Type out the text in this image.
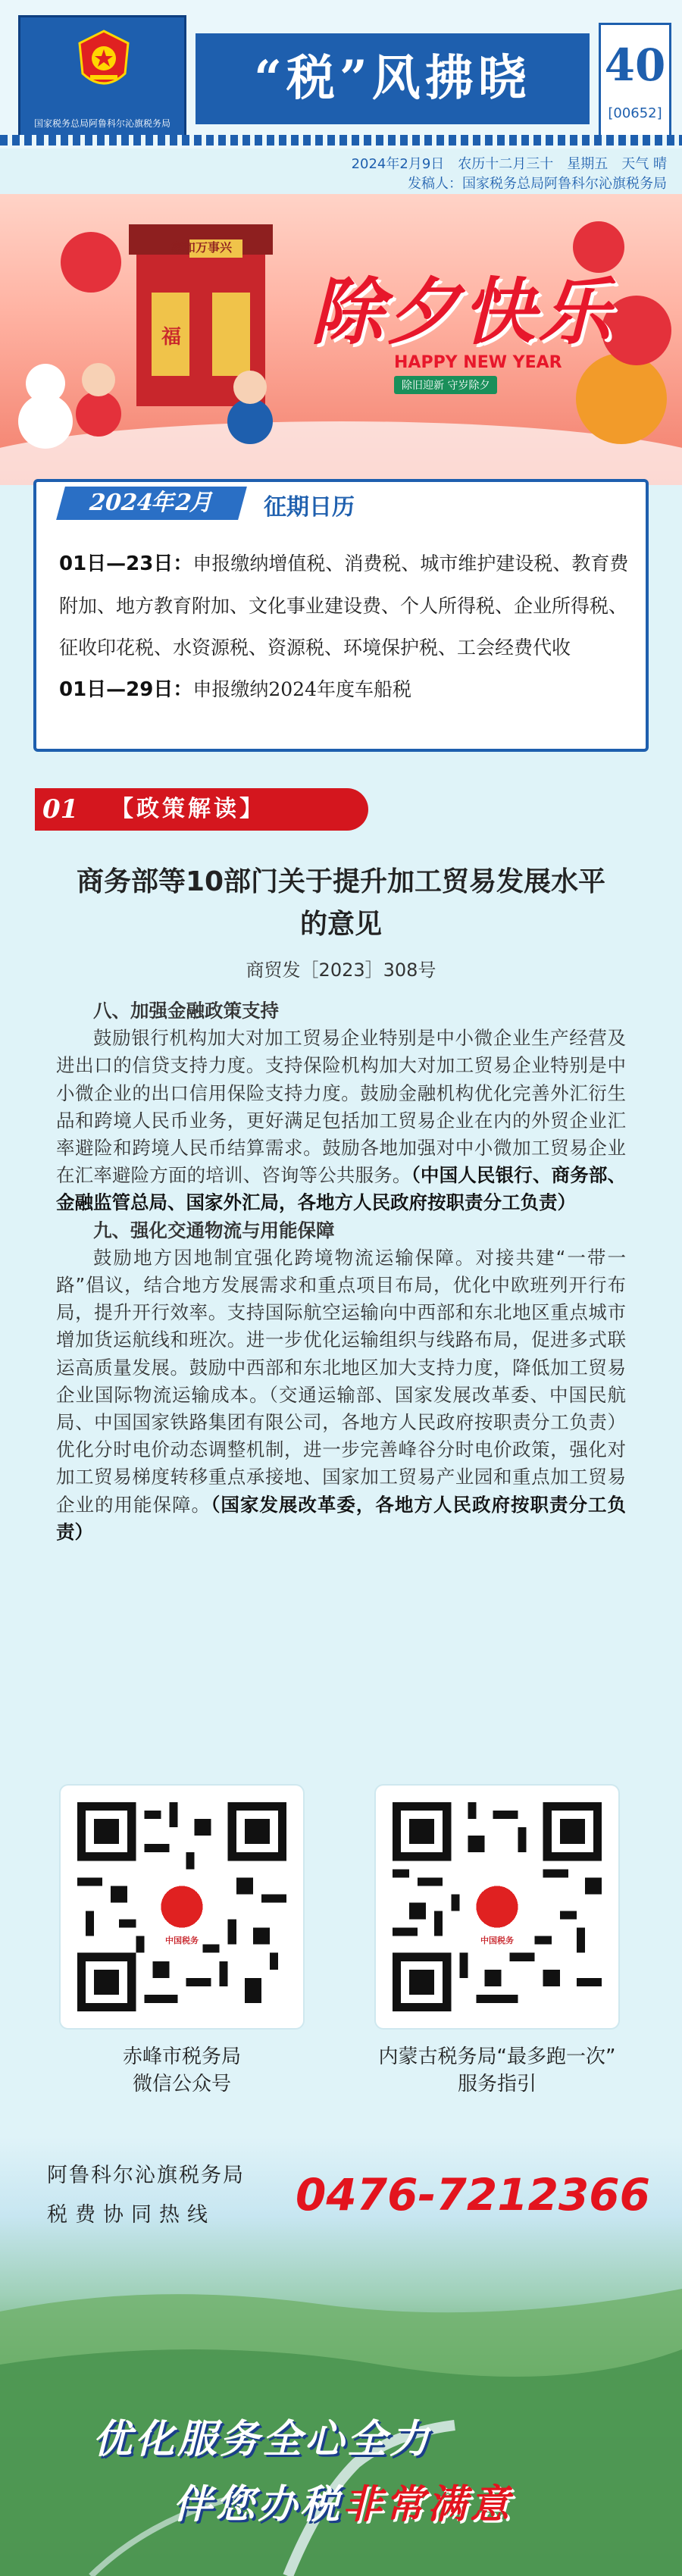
国家税务总局阿鲁科尔沁旗税务局
“税”风拂晓	40
[00652]
2024年2月9日　农历十二月三十　星期五　天气 晴
发稿人：国家税务总局阿鲁科尔沁旗税务局
家和万事兴
福 除夕快乐
HAPPY NEW YEAR
除旧迎新 守岁除夕
2024年2月	征期日历
01日—23日：申报缴纳增值税、消费税、城市维护建设税、教育费附加、地方教育附加、文化事业建设费、个人所得税、企业所得税、征收印花税、水资源税、资源税、环境保护税、工会经费代收
01日—29日：申报缴纳2024年度车船税
01 【政策解读】
商务部等10部门关于提升加工贸易发展水平的意见
商贸发［2023］308号

八、加强金融政策支持

鼓励银行机构加大对加工贸易企业特别是中小微企业生产经营及进出口的信贷支持力度。支持保险机构加大对加工贸易企业特别是中小微企业的出口信用保险支持力度。鼓励金融机构优化完善外汇衍生品和跨境人民币业务，更好满足包括加工贸易企业在内的外贸企业汇率避险和跨境人民币结算需求。鼓励各地加强对中小微加工贸易企业在汇率避险方面的培训、咨询等公共服务。（中国人民银行、商务部、金融监管总局、国家外汇局，各地方人民政府按职责分工负责）

九、强化交通物流与用能保障

鼓励地方因地制宜强化跨境物流运输保障。对接共建“一带一路”倡议，结合地方发展需求和重点项目布局，优化中欧班列开行布局，提升开行效率。支持国际航空运输向中西部和东北地区重点城市增加货运航线和班次。进一步优化运输组织与线路布局，促进多式联运高质量发展。鼓励中西部和东北地区加大支持力度，降低加工贸易企业国际物流运输成本。（交通运输部、国家发展改革委、中国民航局、中国国家铁路集团有限公司，各地方人民政府按职责分工负责）优化分时电价动态调整机制，进一步完善峰谷分时电价政策，强化对加工贸易梯度转移重点承接地、国家加工贸易产业园和重点加工贸易企业的用能保障。（国家发展改革委，各地方人民政府按职责分工负责）

中国税务
赤峰市税务局
微信公众号
中国税务
内蒙古税务局“最多跑一次”
服务指引
阿鲁科尔沁旗税务局
税费协同热线 0476-7212366
优化服务全心全力
伴您办税非常满意
